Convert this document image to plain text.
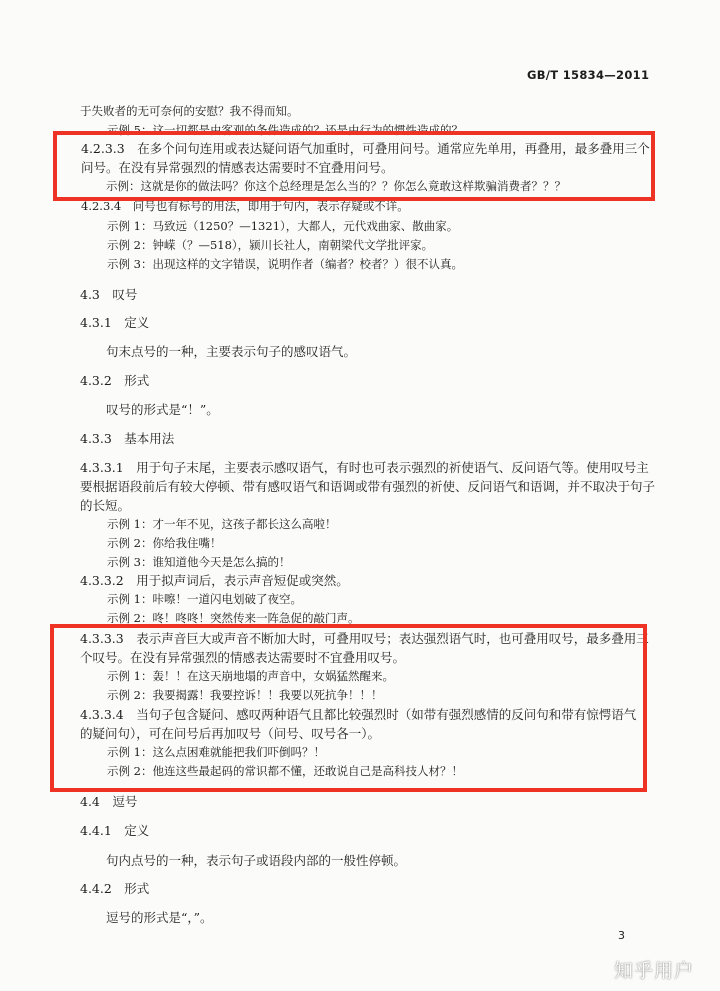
GB/T 15834—2011
于失败者的无可奈何的安慰？我不得而知。
示例 5：这一切都是由客观的条件造成的？还是由行为的惯性造成的？
4.2.3.3　在多个问句连用或表达疑问语气加重时，可叠用问号。通常应先单用，再叠用，最多叠用三个
问号。在没有异常强烈的情感表达需要时不宜叠用问号。
示例：这就是你的做法吗？你这个总经理是怎么当的？？你怎么竟敢这样欺骗消费者？？？
4.2.3.4　问号也有标号的用法，即用于句内，表示存疑或不详。
示例 1：马致远（1250？—1321），大都人，元代戏曲家、散曲家。
示例 2：钟嵘（？—518），颍川长社人，南朝梁代文学批评家。
示例 3：出现这样的文字错误，说明作者（编者？校者？）很不认真。
4.3　叹号
4.3.1　定义
句末点号的一种，主要表示句子的感叹语气。
4.3.2　形式
叹号的形式是“！”。
4.3.3　基本用法
4.3.3.1　用于句子末尾，主要表示感叹语气，有时也可表示强烈的祈使语气、反问语气等。使用叹号主
要根据语段前后有较大停顿、带有感叹语气和语调或带有强烈的祈使、反问语气和语调，并不取决于句子
的长短。
示例 1：才一年不见，这孩子都长这么高啦！
示例 2：你给我住嘴！
示例 3：谁知道他今天是怎么搞的！
4.3.3.2　用于拟声词后，表示声音短促或突然。
示例 1：咔嚓！一道闪电划破了夜空。
示例 2：咚！咚咚！突然传来一阵急促的敲门声。
4.3.3.3　表示声音巨大或声音不断加大时，可叠用叹号；表达强烈语气时，也可叠用叹号，最多叠用三
个叹号。在没有异常强烈的情感表达需要时不宜叠用叹号。
示例 1：轰！！在这天崩地塌的声音中，女娲猛然醒来。
示例 2：我要揭露！我要控诉！！我要以死抗争！！！
4.3.3.4　当句子包含疑问、感叹两种语气且都比较强烈时（如带有强烈感情的反问句和带有惊愕语气
的疑问句），可在问号后再加叹号（问号、叹号各一）。
示例 1：这么点困难就能把我们吓倒吗？！
示例 2：他连这些最起码的常识都不懂，还敢说自己是高科技人材？！
4.4　逗号
4.4.1　定义
句内点号的一种，表示句子或语段内部的一般性停顿。
4.4.2　形式
逗号的形式是“，”。
3
知乎用户
